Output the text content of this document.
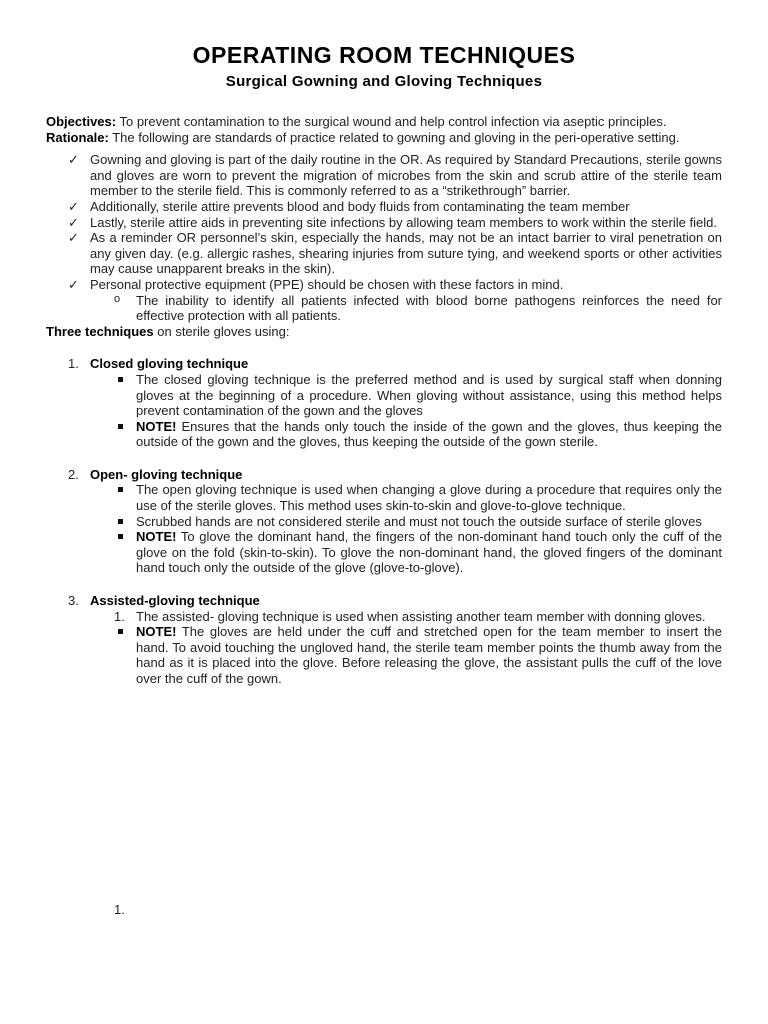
OPERATING ROOM TECHNIQUES
Surgical Gowning and Gloving Techniques

Objectives: To prevent contamination to the surgical wound and help control infection via aseptic principles.

Rationale: The following are standards of practice related to gowning and gloving in the peri-operative setting.

✓ Gowning and gloving is part of the daily routine in the OR. As required by Standard Precautions, sterile gowns and gloves are worn to prevent the migration of microbes from the skin and scrub attire of the sterile team member to the sterile field. This is commonly referred to as a “strikethrough” barrier.
✓ Additionally, sterile attire prevents blood and body fluids from contaminating the team member
✓ Lastly, sterile attire aids in preventing site infections by allowing team members to work within the sterile field.
✓ As a reminder OR personnel’s skin, especially the hands, may not be an intact barrier to viral penetration on any given day. (e.g. allergic rashes, shearing injuries from suture tying, and weekend sports or other activities may cause unapparent breaks in the skin).
✓ Personal protective equipment (PPE) should be chosen with these factors in mind.
o The inability to identify all patients infected with blood borne pathogens reinforces the need for effective protection with all patients.

Three techniques on sterile gloves using:

1. Closed gloving technique
The closed gloving technique is the preferred method and is used by surgical staff when donning gloves at the beginning of a procedure. When gloving without assistance, using this method helps prevent contamination of the gown and the gloves
NOTE! Ensures that the hands only touch the inside of the gown and the gloves, thus keeping the outside of the gown and the gloves, thus keeping the outside of the gown sterile.
2. Open- gloving technique
The open gloving technique is used when changing a glove during a procedure that requires only the use of the sterile gloves. This method uses skin-to-skin and glove-to-glove technique.
Scrubbed hands are not considered sterile and must not touch the outside surface of sterile gloves
NOTE! To glove the dominant hand, the fingers of the non-dominant hand touch only the cuff of the glove on the fold (skin-to-skin). To glove the non-dominant hand, the gloved fingers of the dominant hand touch only the outside of the glove (glove-to-glove).
3. Assisted-gloving technique
1. The assisted- gloving technique is used when assisting another team member with donning gloves.
NOTE! The gloves are held under the cuff and stretched open for the team member to insert the hand. To avoid touching the ungloved hand, the sterile team member points the thumb away from the hand as it is placed into the glove. Before releasing the glove, the assistant pulls the cuff of the love over the cuff of the gown.
1.
